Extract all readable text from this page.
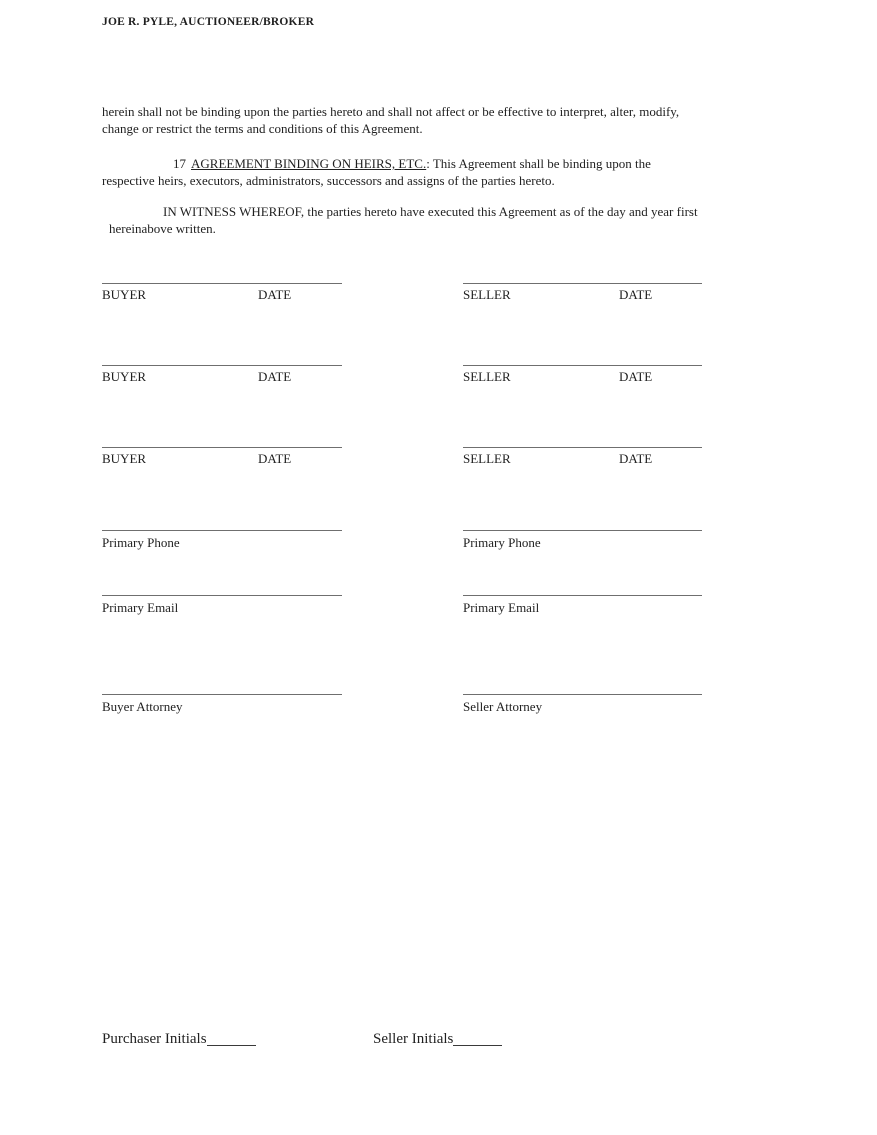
JOE R. PYLE, AUCTIONEER/BROKER
herein shall not be binding upon the parties hereto and shall not affect or be effective to interpret, alter, modify,
change or restrict the terms and conditions of this Agreement.
17 AGREEMENT BINDING ON HEIRS, ETC.: This Agreement shall be binding upon the
respective heirs, executors, administrators, successors and assigns of the parties hereto.
IN WITNESS WHEREOF, the parties hereto have executed this Agreement as of the day and year first
hereinabove written.
BUYER	DATE	SELLER	DATE
BUYER	DATE	SELLER	DATE
BUYER	DATE	SELLER	DATE
Primary Phone	Primary Phone
Primary Email	Primary Email
Buyer Attorney	Seller Attorney
Purchaser Initials	Seller Initials
